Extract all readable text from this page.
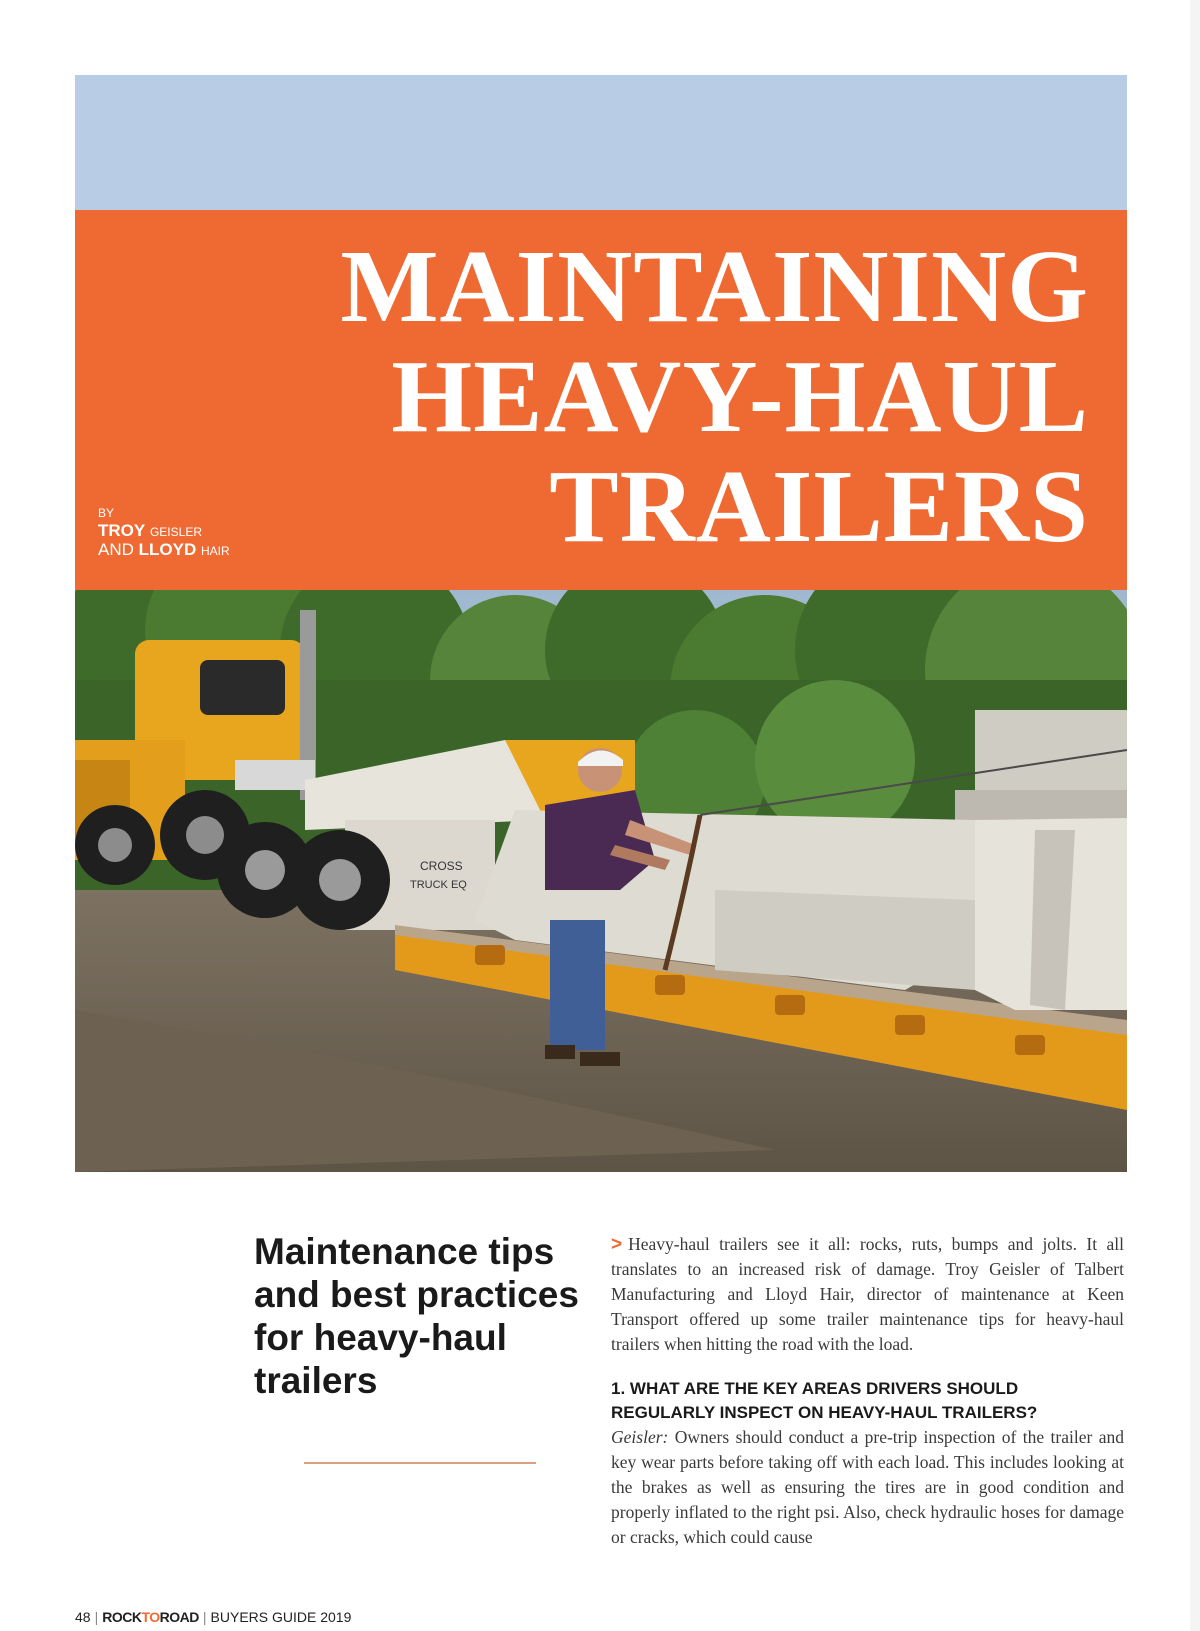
MAINTAINING
HEAVY-HAUL
TRAILERS
BY
TROY GEISLER
AND LLOYD HAIR
CROSS
TRUCK EQ
Maintenance tips and best practices for heavy-haul trailers

> Heavy-haul trailers see it all: rocks, ruts, bumps and jolts. It all translates to an increased risk of damage. Troy Geisler of Talbert Manufacturing and Lloyd Hair, director of maintenance at Keen Transport offered up some trailer maintenance tips for heavy-haul trailers when hitting the road with the load.

1. WHAT ARE THE KEY AREAS DRIVERS SHOULD REGULARLY INSPECT ON HEAVY-HAUL TRAILERS?

Geisler: Owners should conduct a pre-trip inspection of the trailer and key wear parts before taking off with each load. This includes looking at the brakes as well as ensuring the tires are in good condition and properly inflated to the right psi. Also, check hydraulic hoses for damage or cracks, which could cause

48 | ROCKTOROAD | BUYERS GUIDE 2019
